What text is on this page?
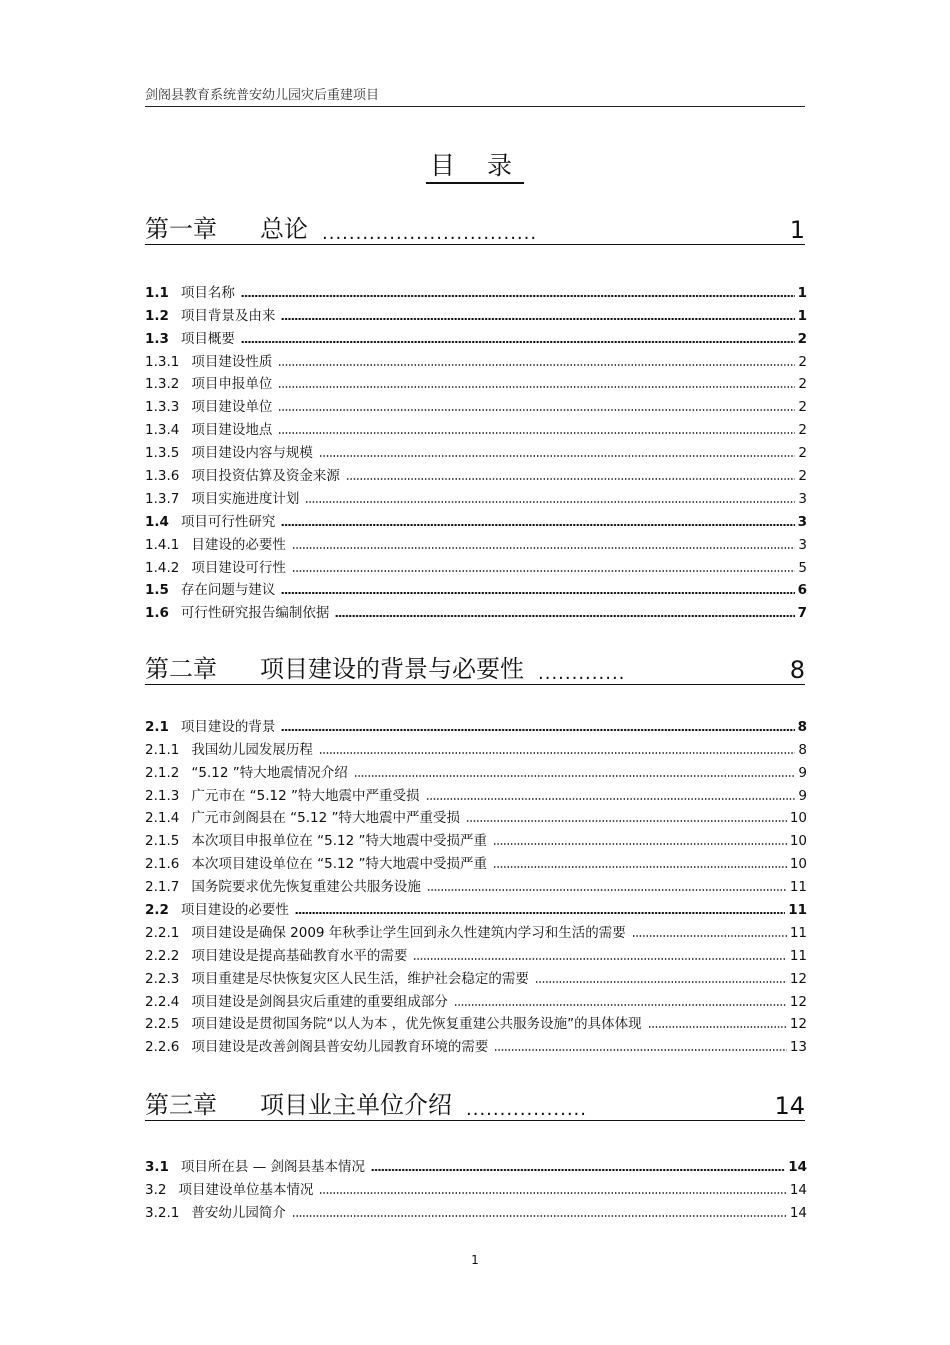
剑阁县教育系统普安幼儿园灾后重建项目
目 录
第一章	总论 ................................	1
1.1 项目名称	1
1.2 项目背景及由来	1
1.3 项目概要	2
1.3.1 项目建设性质	2
1.3.2 项目申报单位	2
1.3.3 项目建设单位	2
1.3.4 项目建设地点	2
1.3.5 项目建设内容与规模	2
1.3.6 项目投资估算及资金来源	2
1.3.7 项目实施进度计划	3
1.4 项目可行性研究	3
1.4.1 目建设的必要性	3
1.4.2 项目建设可行性	5
1.5 存在问题与建议	6
1.6 可行性研究报告编制依据	7
第二章	项目建设的背景与必要性 .............	8
2.1 项目建设的背景	8
2.1.1 我国幼儿园发展历程	8
2.1.2 “5.12 ”特大地震情况介绍	9
2.1.3 广元市在 “5.12 ”特大地震中严重受损	9
2.1.4 广元市剑阁县在 “5.12 ”特大地震中严重受损	10
2.1.5 本次项目申报单位在 “5.12 ”特大地震中受损严重	10
2.1.6 本次项目建设单位在 “5.12 ”特大地震中受损严重	10
2.1.7 国务院要求优先恢复重建公共服务设施	11
2.2 项目建设的必要性	11
2.2.1 项目建设是确保 2009 年秋季让学生回到永久性建筑内学习和生活的需要	11
2.2.2 项目建设是提高基础教育水平的需要	11
2.2.3 项目重建是尽快恢复灾区人民生活，维护社会稳定的需要	12
2.2.4 项目建设是剑阁县灾后重建的重要组成部分	12
2.2.5 项目建设是贯彻国务院“以人为本 ，优先恢复重建公共服务设施”的具体体现	12
2.2.6 项目建设是改善剑阁县普安幼儿园教育环境的需要	13
第三章	项目业主单位介绍 ..................	14
3.1 项目所在县 — 剑阁县基本情况	14
3.2 项目建设单位基本情况	14
3.2.1 普安幼儿园简介	14
1
